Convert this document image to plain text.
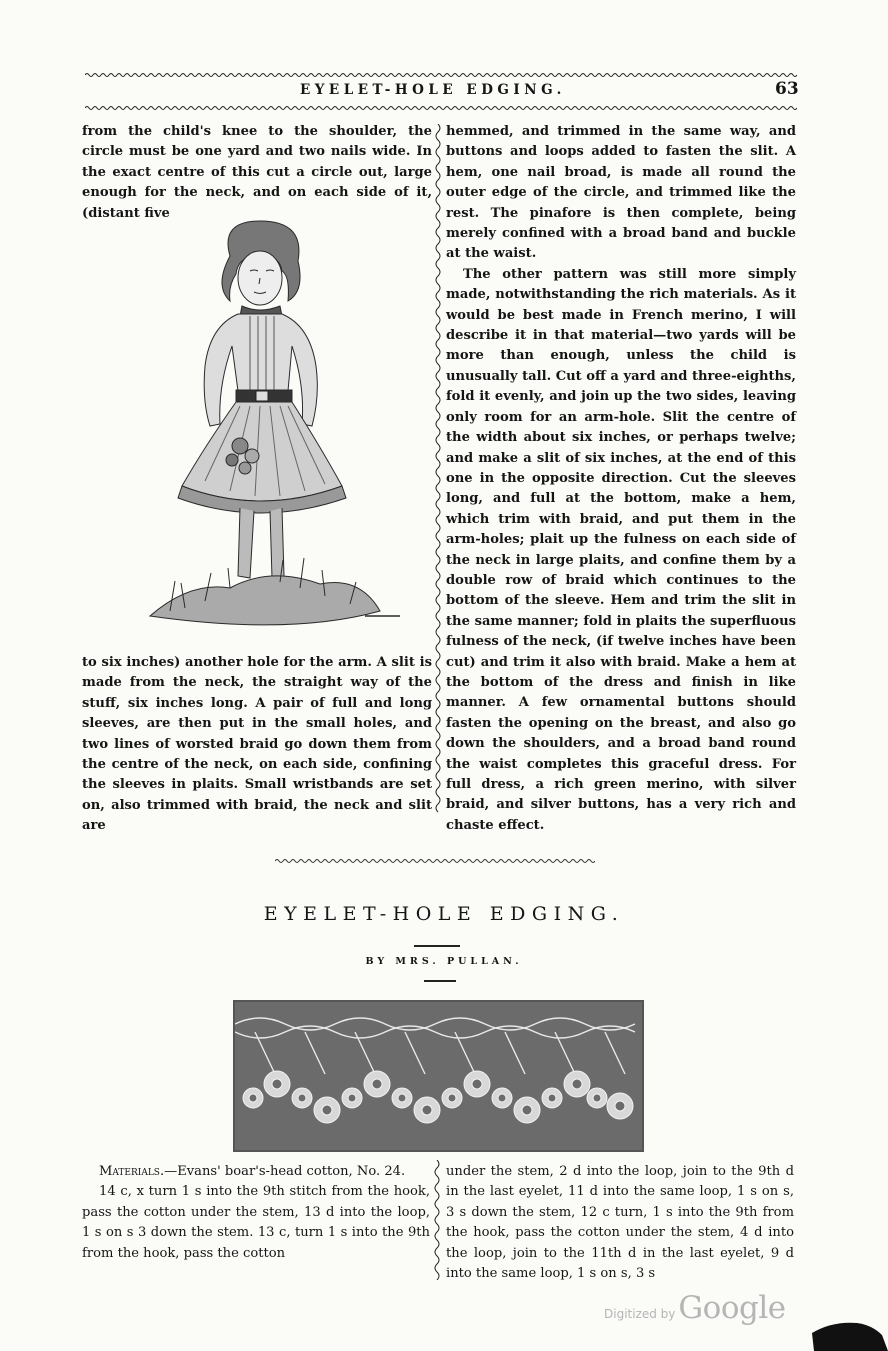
EYELET-HOLE EDGING.	63

from the child's knee to the shoulder, the circle must be one yard and two nails wide. In the exact centre of this cut a circle out, large enough for the neck, and on each side of it, (distant five

to six inches) another hole for the arm. A slit is made from the neck, the straight way of the stuff, six inches long. A pair of full and long sleeves, are then put in the small holes, and two lines of worsted braid go down them from the centre of the neck, on each side, confining the sleeves in plaits. Small wristbands are set on, also trimmed with braid, the neck and slit are

hemmed, and trimmed in the same way, and buttons and loops added to fasten the slit. A hem, one nail broad, is made all round the outer edge of the circle, and trimmed like the rest. The pinafore is then complete, being merely confined with a broad band and buckle at the waist.

The other pattern was still more simply made, notwithstanding the rich materials. As it would be best made in French merino, I will describe it in that material—two yards will be more than enough, unless the child is unusually tall. Cut off a yard and three-eighths, fold it evenly, and join up the two sides, leaving only room for an arm-hole. Slit the centre of the width about six inches, or perhaps twelve; and make a slit of six inches, at the end of this one in the opposite direction. Cut the sleeves long, and full at the bottom, make a hem, which trim with braid, and put them in the arm-holes; plait up the fulness on each side of the neck in large plaits, and confine them by a double row of braid which continues to the bottom of the sleeve. Hem and trim the slit in the same manner; fold in plaits the superfluous fulness of the neck, (if twelve inches have been cut) and trim it also with braid. Make a hem at the bottom of the dress and finish in like manner. A few ornamental buttons should fasten the opening on the breast, and also go down the shoulders, and a broad band round the waist completes this graceful dress. For full dress, a rich green merino, with silver braid, and silver buttons, has a very rich and chaste effect.

EYELET-HOLE EDGING.
BY MRS. PULLAN.

Materials.—Evans' boar's-head cotton, No. 24.

14 c, x turn 1 s into the 9th stitch from the hook, pass the cotton under the stem, 13 d into the loop, 1 s on s 3 down the stem. 13 c, turn 1 s into the 9th from the hook, pass the cotton

under the stem, 2 d into the loop, join to the 9th d in the last eyelet, 11 d into the same loop, 1 s on s, 3 s down the stem, 12 c turn, 1 s into the 9th from the hook, pass the cotton under the stem, 4 d into the loop, join to the 11th d in the last eyelet, 9 d into the same loop, 1 s on s, 3 s

Digitized byGoogle
